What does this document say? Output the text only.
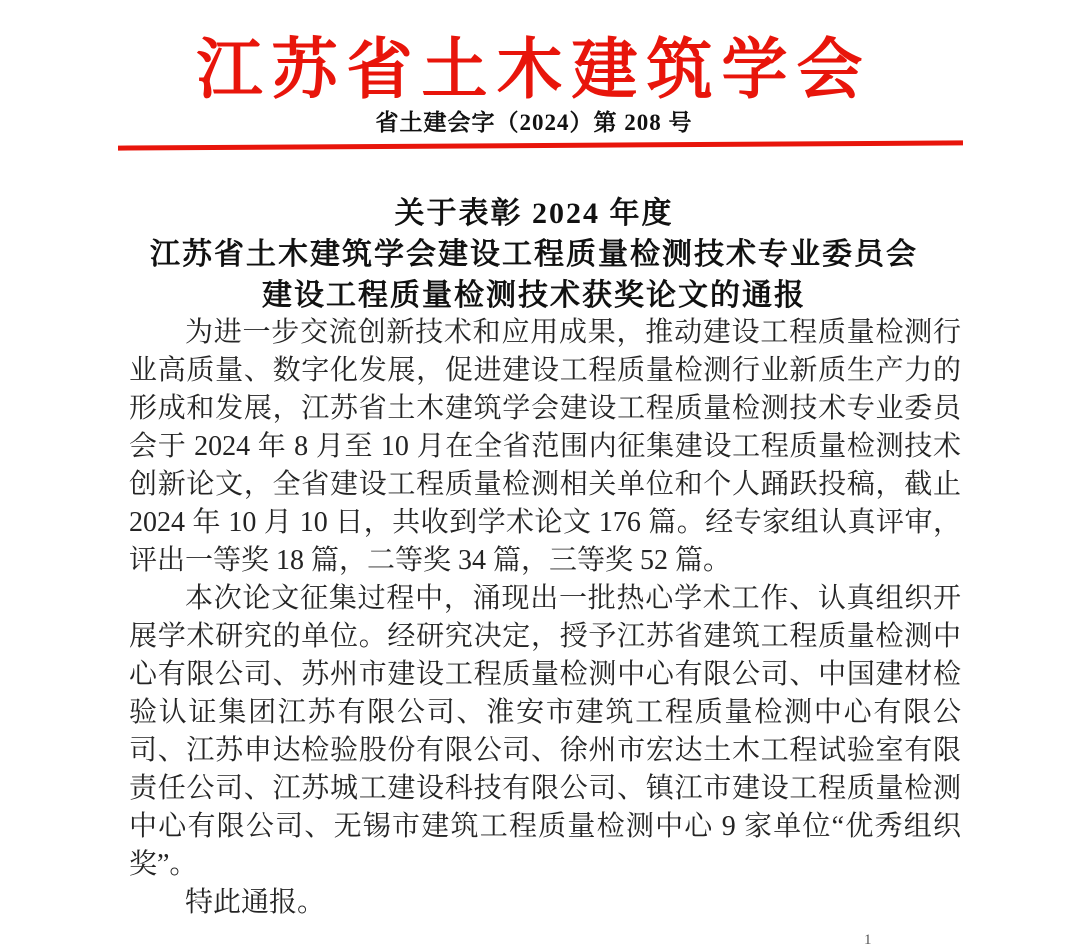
江苏省土木建筑学会
省土建会字（2024）第 208 号
关于表彰 2024 年度
江苏省土木建筑学会建设工程质量检测技术专业委员会
建设工程质量检测技术获奖论文的通报

为进一步交流创新技术和应用成果，推动建设工程质量检测行业高质量、数字化发展，促进建设工程质量检测行业新质生产力的形成和发展，江苏省土木建筑学会建设工程质量检测技术专业委员会于 2024 年 8 月至 10 月在全省范围内征集建设工程质量检测技术创新论文，全省建设工程质量检测相关单位和个人踊跃投稿，截止 2024 年 10 月 10 日，共收到学术论文 176 篇。经专家组认真评审，评出一等奖 18 篇，二等奖 34 篇，三等奖 52 篇。

本次论文征集过程中，涌现出一批热心学术工作、认真组织开展学术研究的单位。经研究决定，授予江苏省建筑工程质量检测中心有限公司、苏州市建设工程质量检测中心有限公司、中国建材检验认证集团江苏有限公司、淮安市建筑工程质量检测中心有限公司、江苏申达检验股份有限公司、徐州市宏达土木工程试验室有限责任公司、江苏城工建设科技有限公司、镇江市建设工程质量检测中心有限公司、无锡市建筑工程质量检测中心 9 家单位“优秀组织奖”。

特此通报。

1
